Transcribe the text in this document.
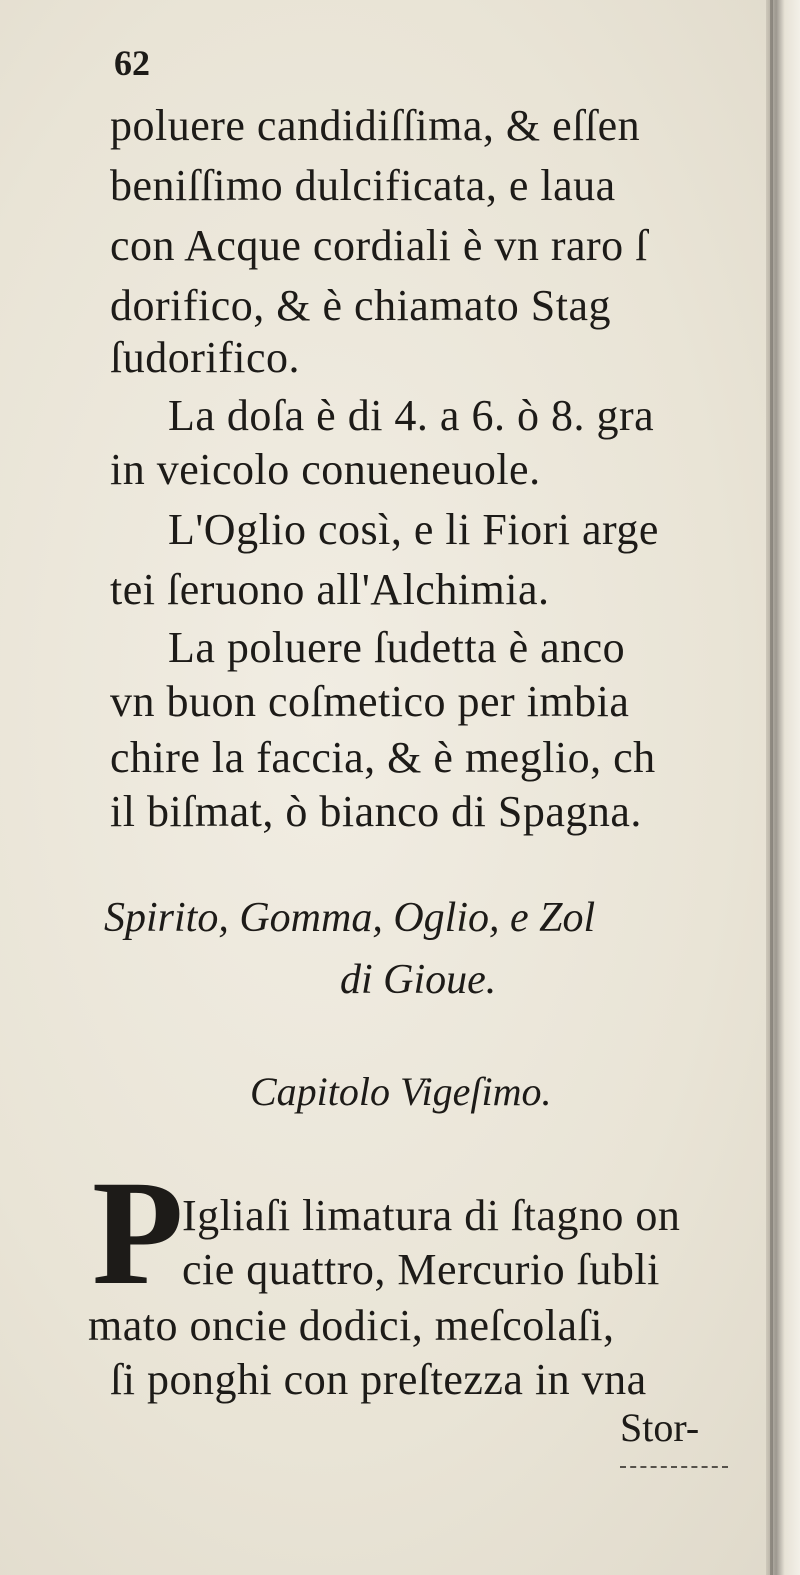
62
poluere candidiſſima, & eſſen
beniſſimo dulcificata, e laua
con Acque cordiali è vn raro ſ
dorifico, & è chiamato Stag
ſudorifico.
La doſa è di 4. a 6. ò 8. gra
in veicolo conueneuole.
L'Oglio così, e li Fiori arge
tei ſeruono all'Alchimia.
La poluere ſudetta è anco
vn buon coſmetico per imbia
chire la faccia, & è meglio, ch
il biſmat, ò bianco di Spagna.
Spirito, Gomma, Oglio, e Zol
di Gioue.
Capitolo Vigeſimo.
P
Igliaſi limatura di ſtagno on
cie quattro, Mercurio ſubli
mato oncie dodici, meſcolaſi,
ſi ponghi con preſtezza in vna
Stor-
